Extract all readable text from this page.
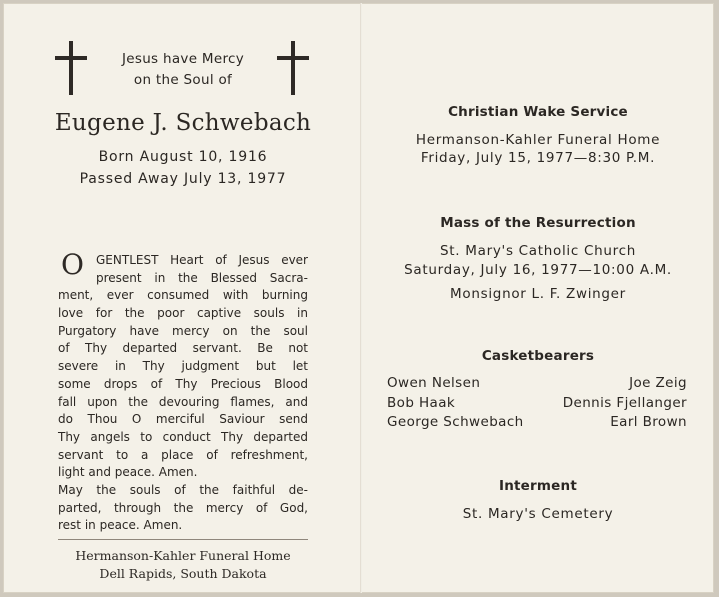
Jesus have Mercy
on the Soul of
Eugene J. Schwebach
Born August 10, 1916
Passed Away July 13, 1977
O	GENTLEST Heart of Jesus ever
present in the Blessed Sacra-
ment, ever consumed with burning
love for the poor captive souls in
Purgatory have mercy on the soul
of Thy departed servant. Be not
severe in Thy judgment but let
some drops of Thy Precious Blood
fall upon the devouring flames, and
do Thou O merciful Saviour send
Thy angels to conduct Thy departed
servant to a place of refreshment,
light and peace. Amen.
May the souls of the faithful de-
parted, through the mercy of God,
rest in peace. Amen.
Hermanson-Kahler Funeral Home
Dell Rapids, South Dakota
Christian Wake Service
Hermanson-Kahler Funeral Home
Friday, July 15, 1977—8:30 P.M.
Mass of the Resurrection
St. Mary's Catholic Church
Saturday, July 16, 1977—10:00 A.M.
Monsignor L. F. Zwinger
Casketbearers
Owen Nelsen	Joe Zeig
Bob Haak	Dennis Fjellanger
George Schwebach	Earl Brown
Interment
St. Mary's Cemetery
